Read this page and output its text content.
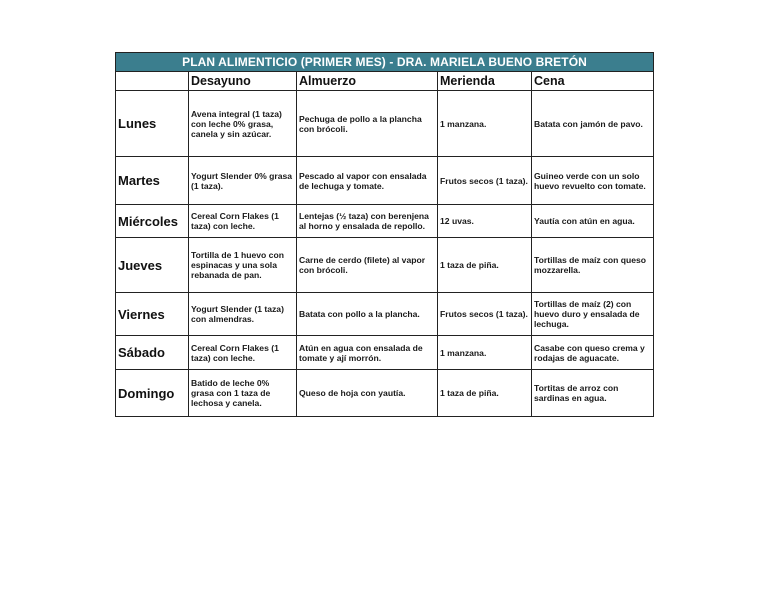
PLAN ALIMENTICIO (PRIMER MES) - DRA. MARIELA BUENO BRETÓN				
	Desayuno	Almuerzo	Merienda	Cena
Lunes	Avena integral (1 taza) con leche 0% grasa, canela y sin azúcar.	Pechuga de pollo a la plancha con brócoli.	1 manzana.	Batata con jamón de pavo.
Martes	Yogurt Slender 0% grasa (1 taza).	Pescado al vapor con ensalada de lechuga y tomate.	Frutos secos (1 taza).	Guineo verde con un solo huevo revuelto con tomate.
Miércoles	Cereal Corn Flakes (1 taza) con leche.	Lentejas (½ taza) con berenjena al horno y ensalada de repollo.	12 uvas.	Yautía con atún en agua.
Jueves	Tortilla de 1 huevo con espinacas y una sola rebanada de pan.	Carne de cerdo (filete) al vapor con brócoli.	1 taza de piña.	Tortillas de maíz con queso mozzarella.
Viernes	Yogurt Slender (1 taza) con almendras.	Batata con pollo a la plancha.	Frutos secos (1 taza).	Tortillas de maíz (2) con huevo duro y ensalada de lechuga.
Sábado	Cereal Corn Flakes (1 taza) con leche.	Atún en agua con ensalada de tomate y ají morrón.	1 manzana.	Casabe con queso crema y rodajas de aguacate.
Domingo	Batido de leche 0% grasa con 1 taza de lechosa y canela.	Queso de hoja con yautía.	1 taza de piña.	Tortitas de arroz con sardinas en agua.
